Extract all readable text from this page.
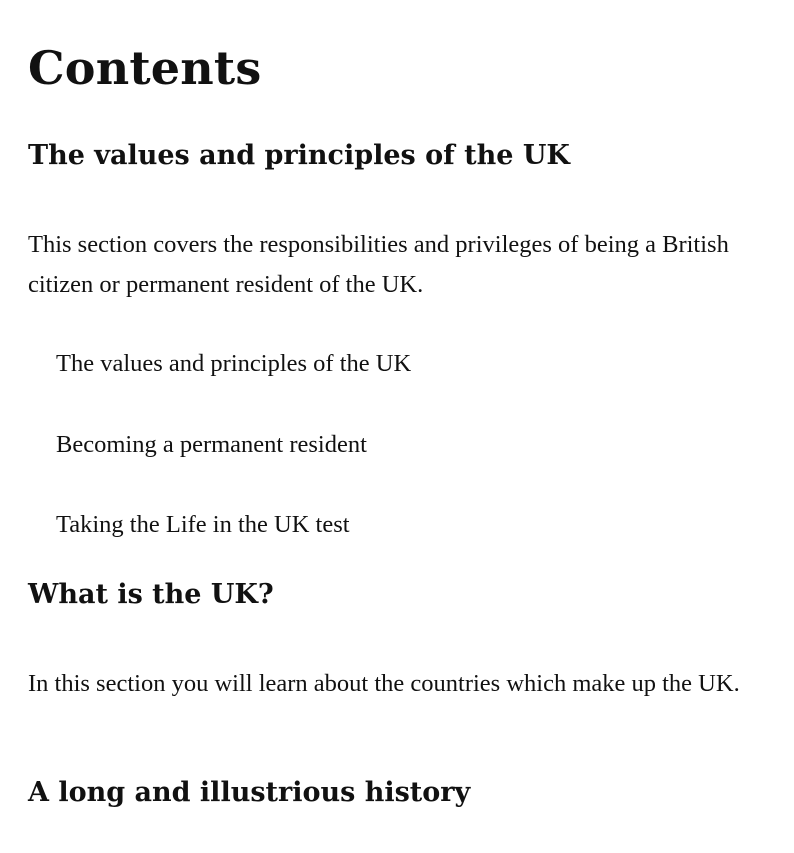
Contents
The values and principles of the UK

This section covers the responsibilities and privileges of being a British citizen or permanent resident of the UK.

The values and principles of the UK

Becoming a permanent resident

Taking the Life in the UK test

What is the UK?

In this section you will learn about the countries which make up the UK.

A long and illustrious history
